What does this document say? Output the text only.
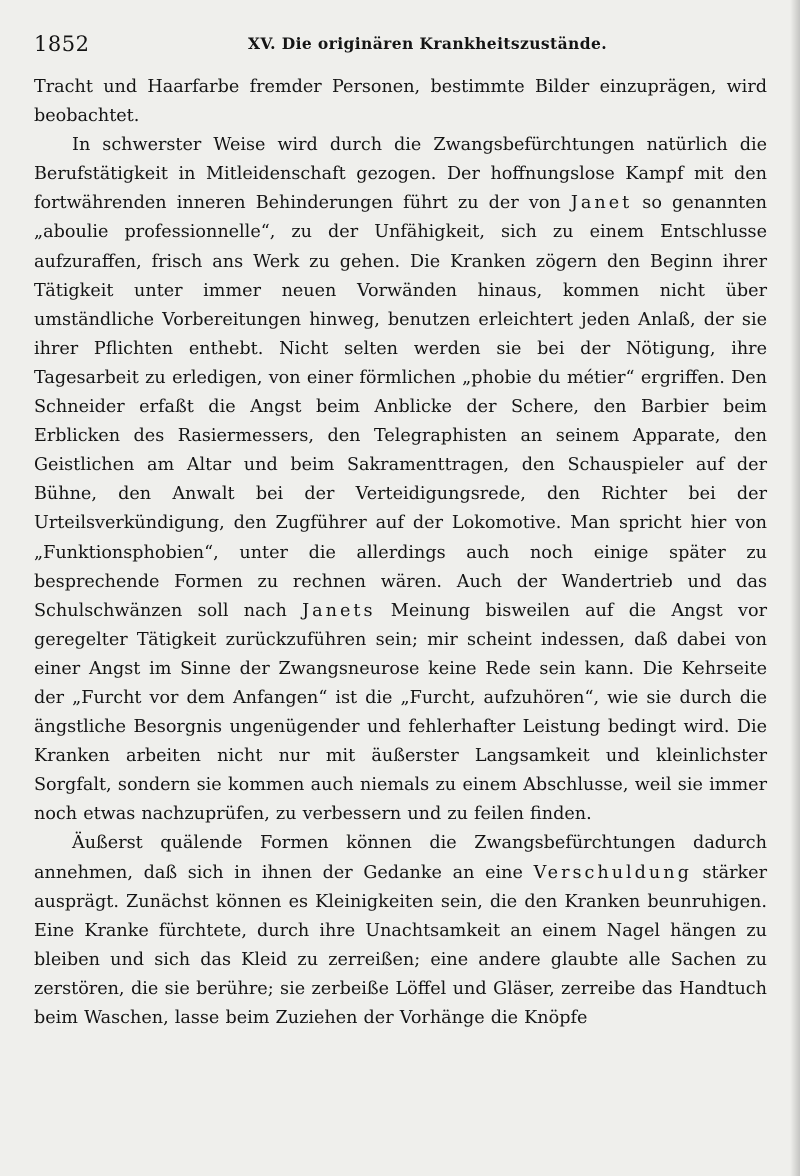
1852	XV. Die originären Krankheitszustände.

Tracht und Haarfarbe fremder Personen, bestimmte Bilder einzuprägen, wird beobachtet.

In schwerster Weise wird durch die Zwangsbefürchtungen natürlich die Berufstätigkeit in Mitleidenschaft gezogen. Der hoffnungslose Kampf mit den fortwährenden inneren Behinderungen führt zu der von Janet so genannten „aboulie professionnelle“, zu der Unfähigkeit, sich zu einem Entschlusse aufzuraffen, frisch ans Werk zu gehen. Die Kranken zögern den Beginn ihrer Tätigkeit unter immer neuen Vorwänden hinaus, kommen nicht über umständliche Vorbereitungen hinweg, benutzen erleichtert jeden Anlaß, der sie ihrer Pflichten enthebt. Nicht selten werden sie bei der Nötigung, ihre Tagesarbeit zu erledigen, von einer förmlichen „phobie du métier“ ergriffen. Den Schneider erfaßt die Angst beim Anblicke der Schere, den Barbier beim Erblicken des Rasiermessers, den Telegraphisten an seinem Apparate, den Geistlichen am Altar und beim Sakramenttragen, den Schauspieler auf der Bühne, den Anwalt bei der Verteidigungsrede, den Richter bei der Urteilsverkündigung, den Zugführer auf der Lokomotive. Man spricht hier von „Funktionsphobien“, unter die allerdings auch noch einige später zu besprechende Formen zu rechnen wären. Auch der Wandertrieb und das Schulschwänzen soll nach Janets Meinung bisweilen auf die Angst vor geregelter Tätigkeit zurückzuführen sein; mir scheint indessen, daß dabei von einer Angst im Sinne der Zwangsneurose keine Rede sein kann. Die Kehrseite der „Furcht vor dem Anfangen“ ist die „Furcht, aufzuhören“, wie sie durch die ängstliche Besorgnis ungenügender und fehlerhafter Leistung bedingt wird. Die Kranken arbeiten nicht nur mit äußerster Langsamkeit und kleinlichster Sorgfalt, sondern sie kommen auch niemals zu einem Abschlusse, weil sie immer noch etwas nachzuprüfen, zu verbessern und zu feilen finden.

Äußerst quälende Formen können die Zwangsbefürchtungen dadurch annehmen, daß sich in ihnen der Gedanke an eine Verschuldung stärker ausprägt. Zunächst können es Kleinigkeiten sein, die den Kranken beunruhigen. Eine Kranke fürchtete, durch ihre Unachtsamkeit an einem Nagel hängen zu bleiben und sich das Kleid zu zerreißen; eine andere glaubte alle Sachen zu zerstören, die sie berühre; sie zerbeiße Löffel und Gläser, zerreibe das Handtuch beim Waschen, lasse beim Zuziehen der Vorhänge die Knöpfe
